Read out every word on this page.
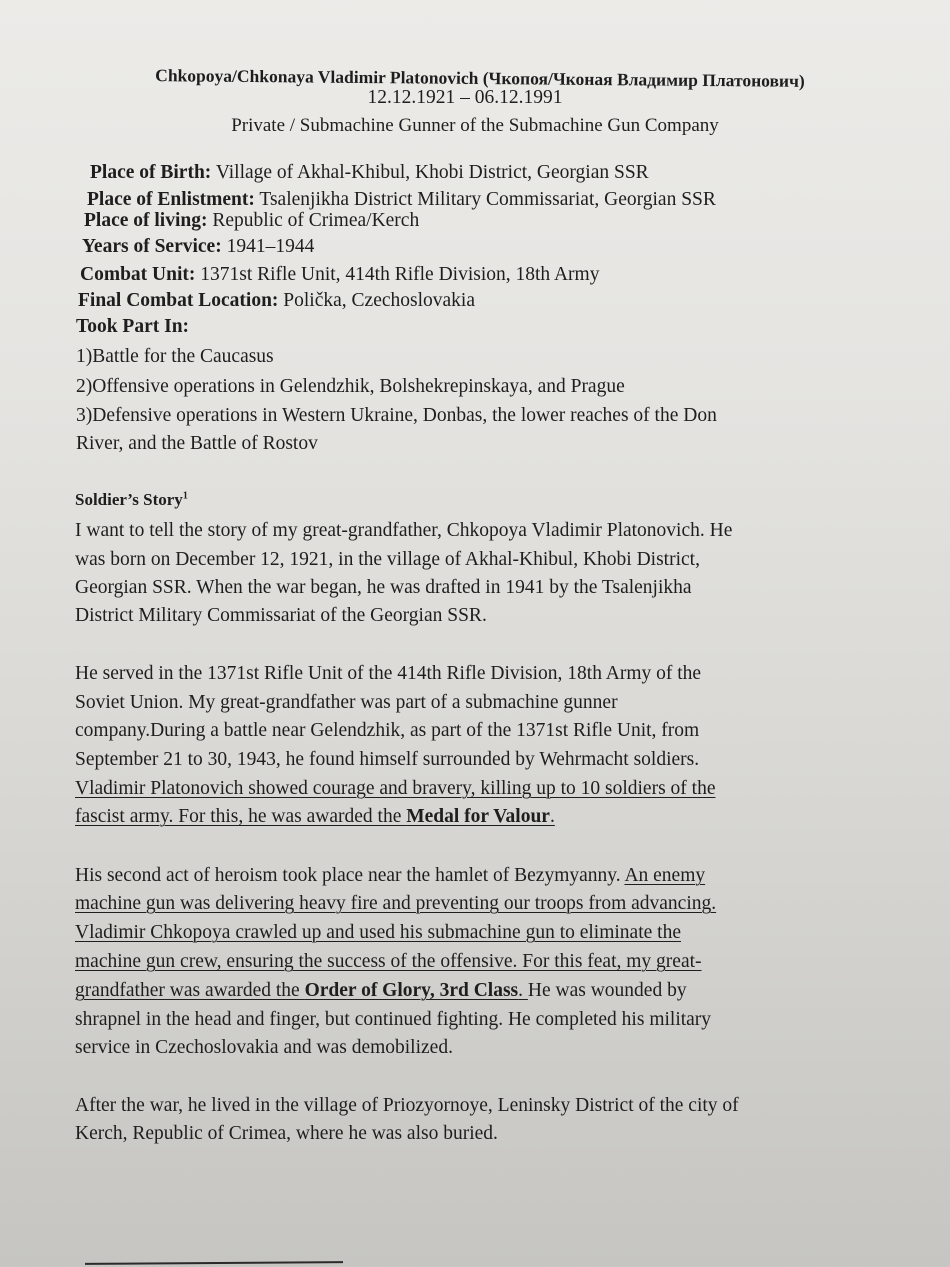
Chkopoya/Chkonaya Vladimir Platonovich (Чкопоя/Чконая Владимир Платонович)
12.12.1921 – 06.12.1991
Private / Submachine Gunner of the Submachine Gun Company
Place of Birth: Village of Akhal-Khibul, Khobi District, Georgian SSR
Place of Enlistment: Tsalenjikha District Military Commissariat, Georgian SSR
Place of living: Republic of Crimea/Kerch
Years of Service: 1941–1944
Combat Unit: 1371st Rifle Unit, 414th Rifle Division, 18th Army
Final Combat Location: Polička, Czechoslovakia
Took Part In:
1)Battle for the Caucasus
2)Offensive operations in Gelendzhik, Bolshekrepinskaya, and Prague
3)Defensive operations in Western Ukraine, Donbas, the lower reaches of the Don
River, and the Battle of Rostov
Soldier’s Story$^1$
I want to tell the story of my great-grandfather, Chkopoya Vladimir Platonovich. He
was born on December 12, 1921, in the village of Akhal-Khibul, Khobi District,
Georgian SSR. When the war began, he was drafted in 1941 by the Tsalenjikha
District Military Commissariat of the Georgian SSR.
He served in the 1371st Rifle Unit of the 414th Rifle Division, 18th Army of the
Soviet Union. My great-grandfather was part of a submachine gunner
company.During a battle near Gelendzhik, as part of the 1371st Rifle Unit, from
September 21 to 30, 1943, he found himself surrounded by Wehrmacht soldiers.
Vladimir Platonovich showed courage and bravery, killing up to 10 soldiers of the
fascist army. For this, he was awarded the Medal for Valour.
His second act of heroism took place near the hamlet of Bezymyanny. An enemy
machine gun was delivering heavy fire and preventing our troops from advancing.
Vladimir Chkopoya crawled up and used his submachine gun to eliminate the
machine gun crew, ensuring the success of the offensive. For this feat, my great-
grandfather was awarded the Order of Glory, 3rd Class. He was wounded by
shrapnel in the head and finger, but continued fighting. He completed his military
service in Czechoslovakia and was demobilized.
After the war, he lived in the village of Priozyornoye, Leninsky District of the city of
Kerch, Republic of Crimea, where he was also buried.
